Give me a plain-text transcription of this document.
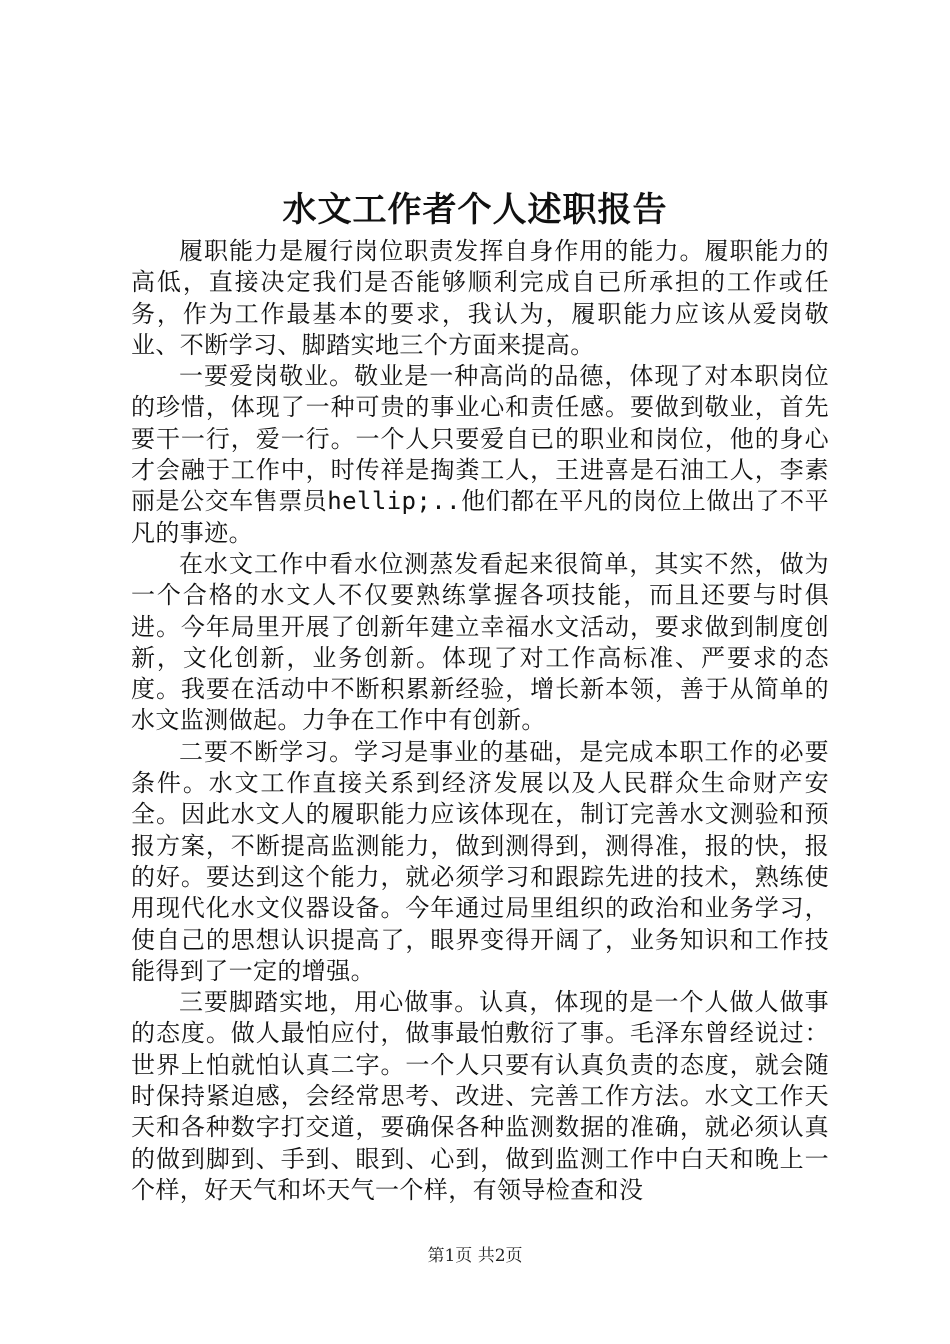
水文工作者个人述职报告

履职能力是履行岗位职责发挥自身作用的能力。履职能力的高低，直接决定我们是否能够顺利完成自已所承担的工作或任务，作为工作最基本的要求，我认为，履职能力应该从爱岗敬业、不断学习、脚踏实地三个方面来提高。

一要爱岗敬业。敬业是一种高尚的品德，体现了对本职岗位的珍惜，体现了一种可贵的事业心和责任感。要做到敬业，首先要干一行，爱一行。一个人只要爱自已的职业和岗位，他的身心才会融于工作中，时传祥是掏粪工人，王进喜是石油工人，李素丽是公交车售票员hellip;..他们都在平凡的岗位上做出了不平凡的事迹。

在水文工作中看水位测蒸发看起来很简单，其实不然，做为一个合格的水文人不仅要熟练掌握各项技能，而且还要与时俱进。今年局里开展了创新年建立幸福水文活动，要求做到制度创新，文化创新，业务创新。体现了对工作高标准、严要求的态度。我要在活动中不断积累新经验，增长新本领，善于从简单的水文监测做起。力争在工作中有创新。

二要不断学习。学习是事业的基础，是完成本职工作的必要条件。水文工作直接关系到经济发展以及人民群众生命财产安全。因此水文人的履职能力应该体现在，制订完善水文测验和预报方案，不断提高监测能力，做到测得到，测得准，报的快，报的好。要达到这个能力，就必须学习和跟踪先进的技术，熟练使用现代化水文仪器设备。今年通过局里组织的政治和业务学习，使自己的思想认识提高了，眼界变得开阔了，业务知识和工作技能得到了一定的增强。

三要脚踏实地，用心做事。认真，体现的是一个人做人做事的态度。做人最怕应付，做事最怕敷衍了事。毛泽东曾经说过：世界上怕就怕认真二字。一个人只要有认真负责的态度，就会随时保持紧迫感，会经常思考、改进、完善工作方法。水文工作天天和各种数字打交道，要确保各种监测数据的准确，就必须认真的做到脚到、手到、眼到、心到，做到监测工作中白天和晚上一个样，好天气和坏天气一个样，有领导检查和没

第1页 共2页
